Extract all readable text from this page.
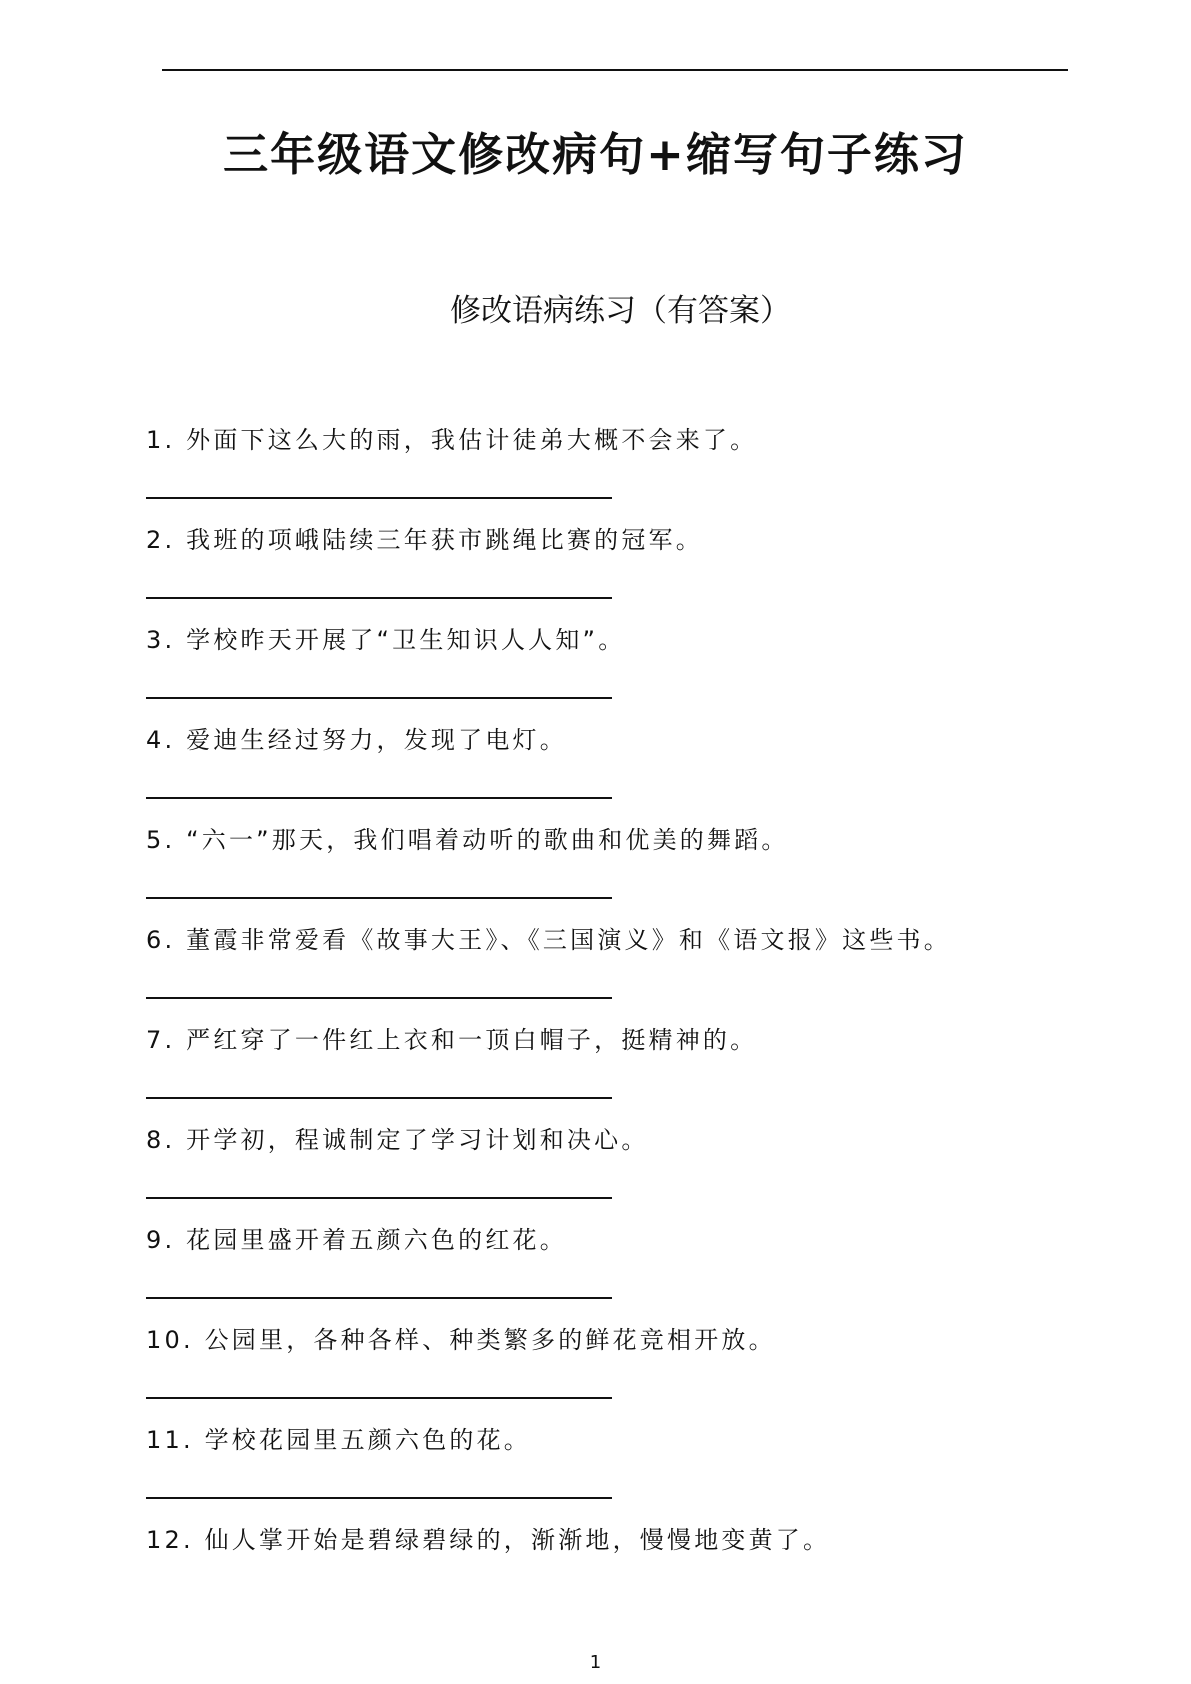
三年级语文修改病句+缩写句子练习
修改语病练习（有答案）
1. 外面下这么大的雨，我估计徒弟大概不会来了。
2. 我班的项峨陆续三年获市跳绳比赛的冠军。
3. 学校昨天开展了“卫生知识人人知”。
4. 爱迪生经过努力，发现了电灯。
5. “六一”那天，我们唱着动听的歌曲和优美的舞蹈。
6. 董霞非常爱看《故事大王》、《三国演义》和《语文报》这些书。
7. 严红穿了一件红上衣和一顶白帽子，挺精神的。
8. 开学初，程诚制定了学习计划和决心。
9. 花园里盛开着五颜六色的红花。
10. 公园里，各种各样、种类繁多的鲜花竞相开放。
11. 学校花园里五颜六色的花。
12. 仙人掌开始是碧绿碧绿的，渐渐地，慢慢地变黄了。
1
